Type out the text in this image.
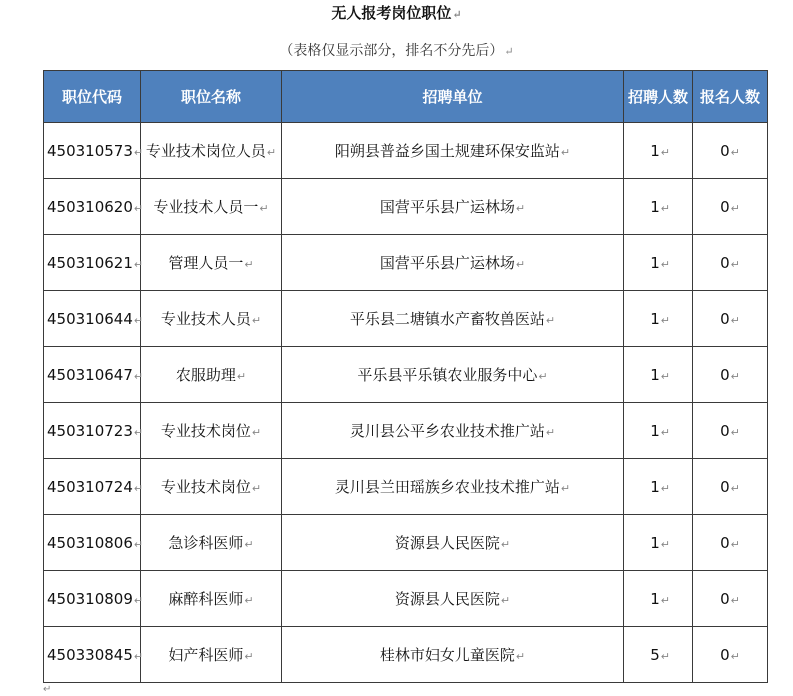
无人报考岗位职位↵
（表格仅显示部分，排名不分先后）↵
职位代码	职位名称	招聘单位	招聘人数	报名人数
450310573↵	专业技术岗位人员↵	阳朔县普益乡国土规建环保安监站↵	1↵	0↵
450310620↵	专业技术人员一↵	国营平乐县广运林场↵	1↵	0↵
450310621↵	管理人员一↵	国营平乐县广运林场↵	1↵	0↵
450310644↵	专业技术人员↵	平乐县二塘镇水产畜牧兽医站↵	1↵	0↵
450310647↵	农服助理↵	平乐县平乐镇农业服务中心↵	1↵	0↵
450310723↵	专业技术岗位↵	灵川县公平乡农业技术推广站↵	1↵	0↵
450310724↵	专业技术岗位↵	灵川县兰田瑶族乡农业技术推广站↵	1↵	0↵
450310806↵	急诊科医师↵	资源县人民医院↵	1↵	0↵
450310809↵	麻醉科医师↵	资源县人民医院↵	1↵	0↵
450330845↵	妇产科医师↵	桂林市妇女儿童医院↵	5↵	0↵
↵
